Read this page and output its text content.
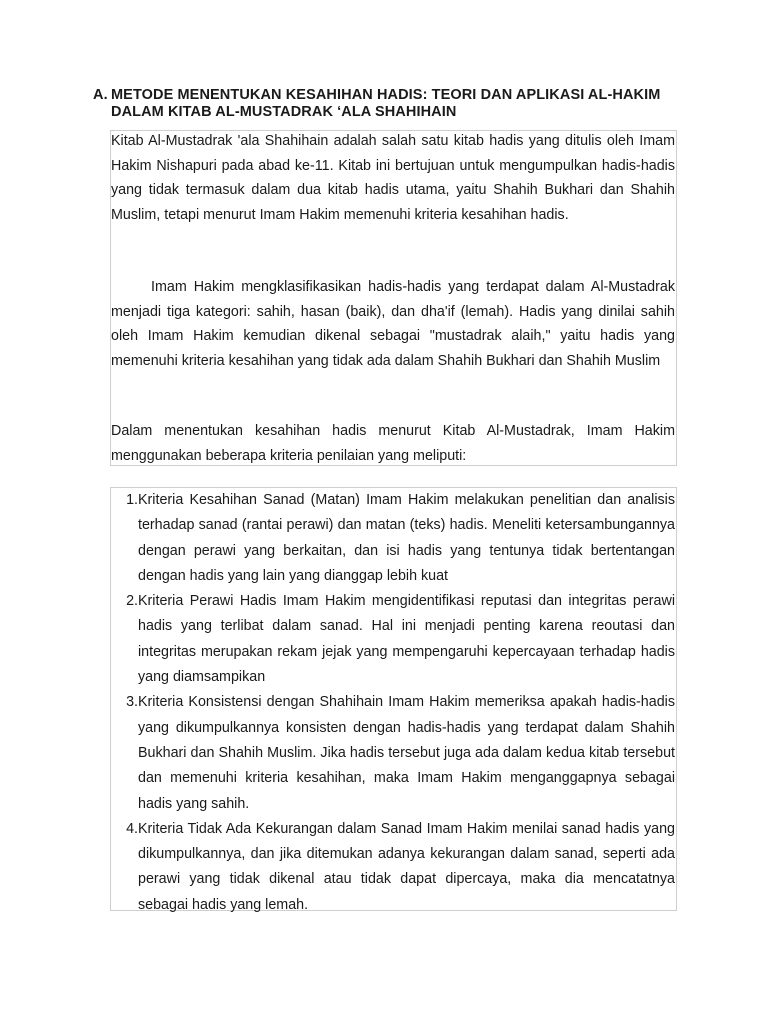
A. METODE MENENTUKAN KESAHIHAN HADIS: TEORI DAN APLIKASI AL-HAKIM DALAM KITAB AL-MUSTADRAK ‘ALA SHAHIHAIN

Kitab Al-Mustadrak 'ala Shahihain adalah salah satu kitab hadis yang ditulis oleh Imam Hakim Nishapuri pada abad ke-11. Kitab ini bertujuan untuk mengumpulkan hadis-hadis yang tidak termasuk dalam dua kitab hadis utama, yaitu Shahih Bukhari dan Shahih Muslim, tetapi menurut Imam Hakim memenuhi kriteria kesahihan hadis.

Imam Hakim mengklasifikasikan hadis-hadis yang terdapat dalam Al-Mustadrak menjadi tiga kategori: sahih, hasan (baik), dan dha'if (lemah). Hadis yang dinilai sahih oleh Imam Hakim kemudian dikenal sebagai "mustadrak alaih," yaitu hadis yang memenuhi kriteria kesahihan yang tidak ada dalam Shahih Bukhari dan Shahih Muslim

Dalam menentukan kesahihan hadis menurut Kitab Al-Mustadrak, Imam Hakim menggunakan beberapa kriteria penilaian yang meliputi:

1. Kriteria Kesahihan Sanad (Matan) Imam Hakim melakukan penelitian dan analisis terhadap sanad (rantai perawi) dan matan (teks) hadis. Meneliti ketersambungannya dengan perawi yang berkaitan, dan isi hadis yang tentunya tidak bertentangan dengan hadis yang lain yang dianggap lebih kuat
2. Kriteria Perawi Hadis Imam Hakim mengidentifikasi reputasi dan integritas perawi hadis yang terlibat dalam sanad. Hal ini menjadi penting karena reoutasi dan integritas merupakan rekam jejak yang mempengaruhi kepercayaan terhadap hadis yang diamsampikan
3. Kriteria Konsistensi dengan Shahihain Imam Hakim memeriksa apakah hadis-hadis yang dikumpulkannya konsisten dengan hadis-hadis yang terdapat dalam Shahih Bukhari dan Shahih Muslim. Jika hadis tersebut juga ada dalam kedua kitab tersebut dan memenuhi kriteria kesahihan, maka Imam Hakim menganggapnya sebagai hadis yang sahih.
4. Kriteria Tidak Ada Kekurangan dalam Sanad Imam Hakim menilai sanad hadis yang dikumpulkannya, dan jika ditemukan adanya kekurangan dalam sanad, seperti ada perawi yang tidak dikenal atau tidak dapat dipercaya, maka dia mencatatnya sebagai hadis yang lemah.
